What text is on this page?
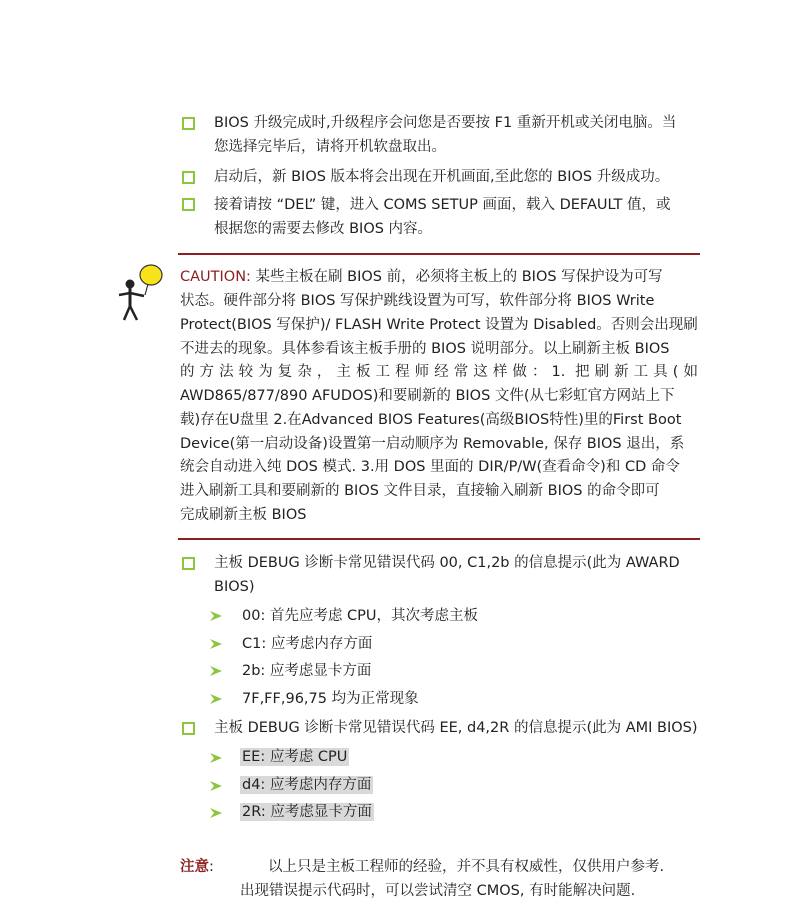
BIOS 升级完成时,升级程序会问您是否要按 F1 重新开机或关闭电脑。当
您选择完毕后，请将开机软盘取出。
启动后，新 BIOS 版本将会出现在开机画面,至此您的 BIOS 升级成功。
接着请按 “DEL” 键，进入 COMS SETUP 画面，载入 DEFAULT 值，或
根据您的需要去修改 BIOS 内容。
CAUTION: 某些主板在刷 BIOS 前，必须将主板上的 BIOS 写保护设为可写
状态。硬件部分将 BIOS 写保护跳线设置为可写，软件部分将 BIOS Write
Protect(BIOS 写保护)/ FLASH Write Protect 设置为 Disabled。否则会出现刷
不进去的现象。具体参看该主板手册的 BIOS 说明部分。以上刷新主板 BIOS
的方法较为复杂，主板工程师经常这样做：1. 把刷新工具(如
AWD865/877/890 AFUDOS)和要刷新的 BIOS 文件(从七彩虹官方网站上下
载)存在U盘里 2.在Advanced BIOS Features(高级BIOS特性)里的First Boot
Device(第一启动设备)设置第一启动顺序为 Removable, 保存 BIOS 退出，系
统会自动进入纯 DOS 模式. 3.用 DOS 里面的 DIR/P/W(查看命令)和 CD 命令
进入刷新工具和要刷新的 BIOS 文件目录，直接输入刷新 BIOS 的命令即可
完成刷新主板 BIOS
主板 DEBUG 诊断卡常见错误代码 00, C1,2b 的信息提示(此为 AWARD
BIOS)
00: 首先应考虑 CPU，其次考虑主板
C1: 应考虑内存方面
2b: 应考虑显卡方面
7F,FF,96,75 均为正常现象
主板 DEBUG 诊断卡常见错误代码 EE, d4,2R 的信息提示(此为 AMI BIOS)
EE: 应考虑 CPU
d4: 应考虑内存方面
2R: 应考虑显卡方面
注意:	以上只是主板工程师的经验，并不具有权威性，仅供用户参考.
出现错误提示代码时，可以尝试清空 CMOS, 有时能解决问题.
